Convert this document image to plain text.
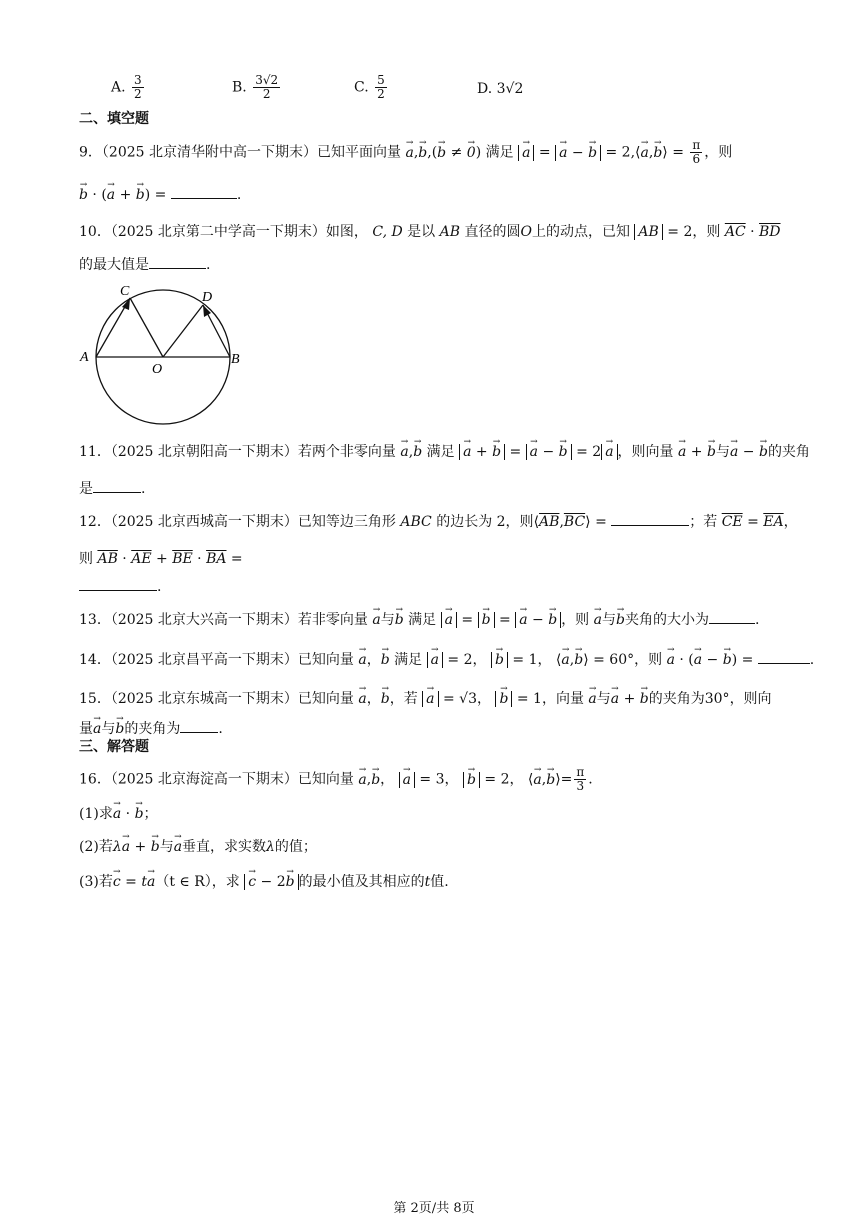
A. $\frac{3}{2}$	B. $\frac{3√2}{2}$	C. $\frac{5}{2}$	D. 3√2
二、填空题
9．（2025 北京清华附中高一下期末）已知平面向量 → a,→ b,(→ b ≠ → 0) 满足 → a = → a − → b = 2,⟨→ a,→ b⟩ = $\frac{\pi}{6}$ ，则
→ b · (→ a + → b) =	.
10．（2025 北京第二中学高一下期末）如图， C, D 是以 AB 直径的圆O上的动点，已知 AB = 2，则 $\overline{AC} \cdot \overline{BD}$
的最大值是	.
A	B
C	D
O
11．（2025 北京朝阳高一下期末）若两个非零向量 → a,→ b 满足 → a + → b = → a − → b = 2 → a ，则向量 → a + → b与→ a − → b的夹角
是	.
12．（2025 北京西城高一下期末）已知等边三角形 ABC 的边长为 2，则$⟨\overline{AB},\overline{BC}⟩$ =	；若 $\overline{CE} = \overline{EA}$，
则 $\overline{AB} \cdot \overline{AE} + \overline{BE} \cdot \overline{BA}$ =
.
13．（2025 北京大兴高一下期末）若非零向量 → a与→ b 满足 → a = → b = → a − → b ，则 → a与→ b夹角的大小为	.
14．（2025 北京昌平高一下期末）已知向量 → a，→ b 满足 → a = 2， → b = 1， ⟨→ a,→ b⟩ = 60°，则 → a · (→ a − → b) =	.
15．（2025 北京东城高一下期末）已知向量 → a，→ b，若 → a = √3， → b = 1，向量 → a与→ a + → b的夹角为30°，则向
量→ a与→ b的夹角为	.
三、解答题
16．（2025 北京海淀高一下期末）已知向量 → a,→ b， → a = 3， → b = 2， ⟨→ a,→ b⟩= $\frac{\pi}{3}$ .
(1)求→ a · → b；
(2)若λ→ a + → b与→ a垂直，求实数λ的值；
(3)若→ c = t→ a（t ∈ R），求 → c − 2→ b 的最小值及其相应的t值.
第 2页/共 8页
